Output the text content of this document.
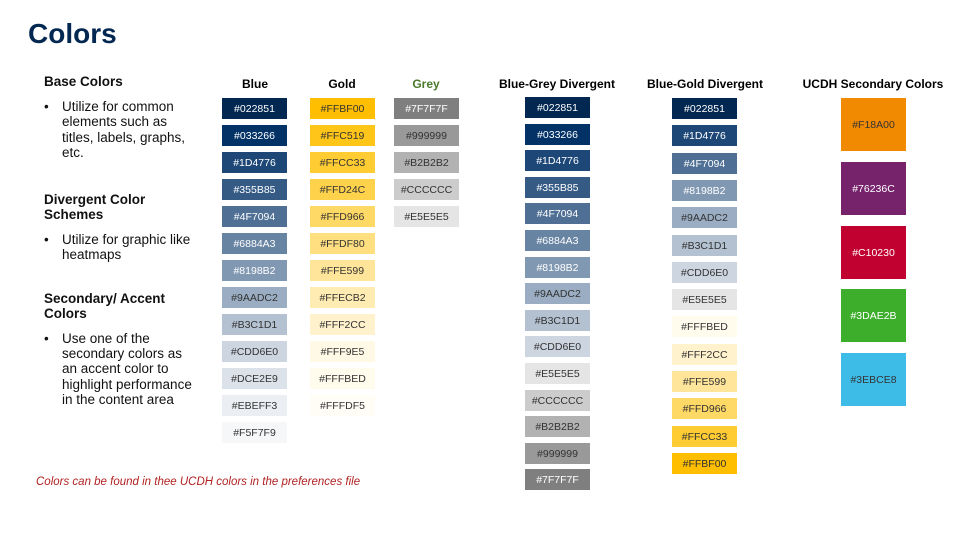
Colors
Base Colors
• Utilize for common elements such as titles, labels, graphs, etc.
Divergent Color Schemes
• Utilize for graphic like heatmaps
Secondary/ Accent Colors
• Use one of the secondary colors as an accent color to highlight performance in the content area
Colors can be found in thee UCDH colors in the preferences file
Blue
#022851
#033266
#1D4776
#355B85
#4F7094
#6884A3
#8198B2
#9AADC2
#B3C1D1
#CDD6E0
#DCE2E9
#EBEFF3
#F5F7F9
Gold
#FFBF00
#FFC519
#FFCC33
#FFD24C
#FFD966
#FFDF80
#FFE599
#FFECB2
#FFF2CC
#FFF9E5
#FFFBED
#FFFDF5
Grey
#7F7F7F
#999999
#B2B2B2
#CCCCCC
#E5E5E5
Blue-Grey Divergent
#022851
#033266
#1D4776
#355B85
#4F7094
#6884A3
#8198B2
#9AADC2
#B3C1D1
#CDD6E0
#E5E5E5
#CCCCCC
#B2B2B2
#999999
#7F7F7F
Blue-Gold Divergent
#022851
#1D4776
#4F7094
#8198B2
#9AADC2
#B3C1D1
#CDD6E0
#E5E5E5
#FFFBED
#FFF2CC
#FFE599
#FFD966
#FFCC33
#FFBF00
UCDH Secondary Colors
#F18A00
#76236C
#C10230
#3DAE2B
#3EBCE8
